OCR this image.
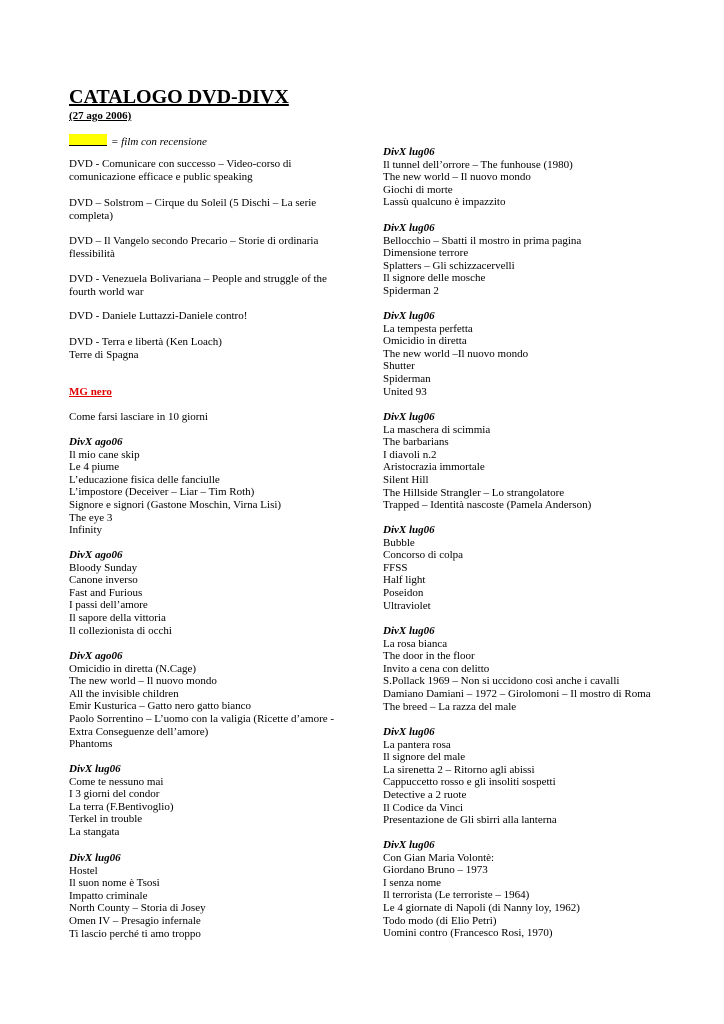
CATALOGO DVD-DIVX
(27 ago 2006)
= film con recensione
DVD - Comunicare con successo – Video-corso di comunicazione efficace e public speaking
DVD – Solstrom – Cirque du Soleil (5 Dischi – La serie completa)
DVD – Il Vangelo secondo Precario – Storie di ordinaria flessibilità
DVD - Venezuela Bolivariana – People and struggle of the fourth world war
DVD - Daniele Luttazzi-Daniele contro!
DVD - Terra e libertà (Ken Loach)
Terre di Spagna
MG nero
Come farsi lasciare in 10 giorni
DivX ago06
Il mio cane skip
Le 4 piume
L’educazione fisica delle fanciulle
L’impostore (Deceiver – Liar – Tim Roth)
Signore e signori (Gastone Moschin, Virna Lisi)
The eye 3
Infinity
DivX ago06
Bloody Sunday
Canone inverso
Fast and Furious
I passi dell’amore
Il sapore della vittoria
Il collezionista di occhi
DivX ago06
Omicidio in diretta (N.Cage)
The new world – Il nuovo mondo
All the invisible children
Emir Kusturica – Gatto nero gatto bianco
Paolo Sorrentino – L’uomo con la valigia (Ricette d’amore -
Extra Conseguenze dell’amore)
Phantoms
DivX lug06
Come te nessuno mai
I 3 giorni del condor
La terra (F.Bentivoglio)
Terkel in trouble
La stangata
DivX lug06
Hostel
Il suon nome è Tsosi
Impatto criminale
North County – Storia di Josey
Omen IV – Presagio infernale
Ti lascio perché ti amo troppo
DivX lug06
Il tunnel dell’orrore – The funhouse (1980)
The new world – Il nuovo mondo
Giochi di morte
Lassù qualcuno è impazzito
DivX lug06
Bellocchio – Sbatti il mostro in prima pagina
Dimensione terrore
Splatters – Gli schizzacervelli
Il signore delle mosche
Spiderman 2
DivX lug06
La tempesta perfetta
Omicidio in diretta
The new world –Il nuovo mondo
Shutter
Spiderman
United 93
DivX lug06
La maschera di scimmia
The barbarians
I diavoli n.2
Aristocrazia immortale
Silent Hill
The Hillside Strangler – Lo strangolatore
Trapped – Identità nascoste (Pamela Anderson)
DivX lug06
Bubble
Concorso di colpa
FFSS
Half light
Poseidon
Ultraviolet
DivX lug06
La rosa bianca
The door in the floor
Invito a cena con delitto
S.Pollack 1969 – Non si uccidono così anche i cavalli
Damiano Damiani – 1972 – Girolomoni – Il mostro di Roma
The breed – La razza del male
DivX lug06
La pantera rosa
Il signore del male
La sirenetta 2 – Ritorno agli abissi
Cappuccetto rosso e gli insoliti sospetti
Detective a 2 ruote
Il Codice da Vinci
Presentazione de Gli sbirri alla lanterna
DivX lug06
Con Gian Maria Volontè:
Giordano Bruno – 1973
I senza nome
Il terrorista (Le terroriste – 1964)
Le 4 giornate di Napoli (di Nanny loy, 1962)
Todo modo (di Elio Petri)
Uomini contro (Francesco Rosi, 1970)
